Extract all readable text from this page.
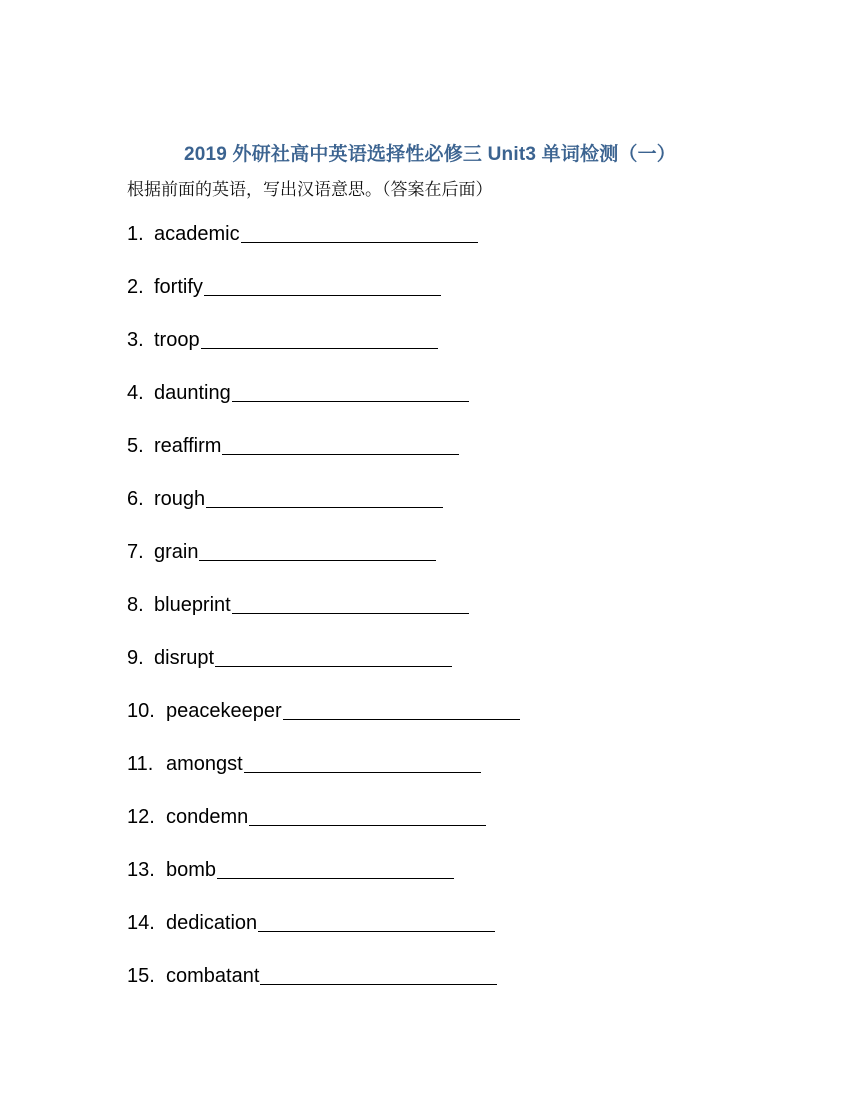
2019 外研社高中英语选择性必修三 Unit3 单词检测（一）
根据前面的英语，写出汉语意思。（答案在后面）
1. academic
2. fortify
3. troop
4. daunting
5. reaffirm
6. rough
7. grain
8. blueprint
9. disrupt
10. peacekeeper
11. amongst
12. condemn
13. bomb
14. dedication
15. combatant
